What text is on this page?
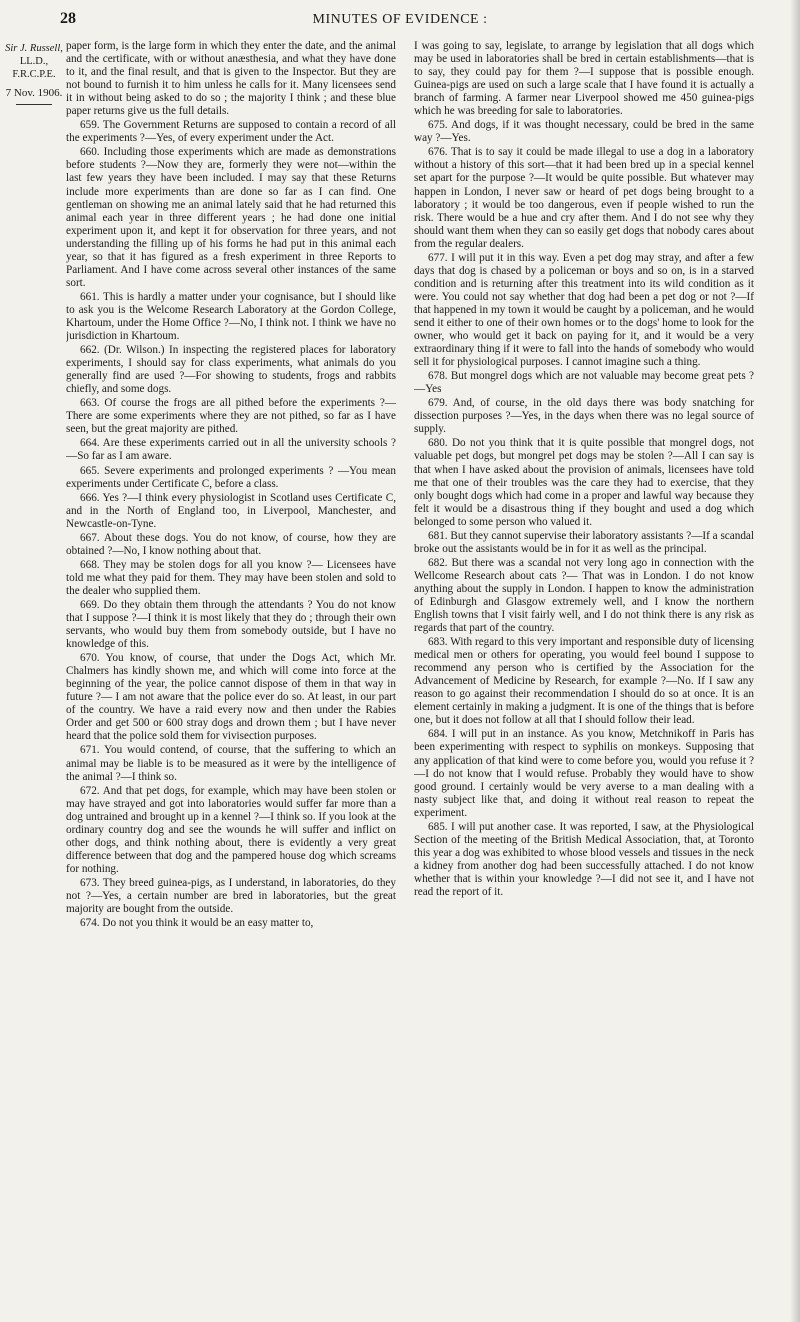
28	MINUTES OF EVIDENCE :
Sir J. Russell,
LL.D., F.R.C.P.E.
7 Nov. 1906.

paper form, is the large form in which they enter the date, and the animal and the certificate, with or without anæsthesia, and what they have done to it, and the final result, and that is given to the Inspector. But they are not bound to furnish it to him unless he calls for it. Many licensees send it in without being asked to do so ; the majority I think ; and these blue paper returns give us the full details.

659. The Government Returns are supposed to contain a record of all the experiments ?—Yes, of every experiment under the Act.

660. Including those experiments which are made as demonstrations before students ?—Now they are, formerly they were not—within the last few years they have been included. I may say that these Returns include more experiments than are done so far as I can find. One gentleman on showing me an animal lately said that he had returned this animal each year in three different years ; he had done one initial experiment upon it, and kept it for observation for three years, and not understanding the filling up of his forms he had put in this animal each year, so that it has figured as a fresh experiment in three Reports to Parliament. And I have come across several other instances of the same sort.

661. This is hardly a matter under your cognisance, but I should like to ask you is the Welcome Research Laboratory at the Gordon College, Khartoum, under the Home Office ?—No, I think not. I think we have no jurisdiction in Khartoum.

662. (Dr. Wilson.) In inspecting the registered places for laboratory experiments, I should say for class experiments, what animals do you generally find are used ?—For showing to students, frogs and rabbits chiefly, and some dogs.

663. Of course the frogs are all pithed before the experiments ?—There are some experiments where they are not pithed, so far as I have seen, but the great majority are pithed.

664. Are these experiments carried out in all the university schools ?—So far as I am aware.

665. Severe experiments and prolonged experiments ? —You mean experiments under Certificate C, before a class.

666. Yes ?—I think every physiologist in Scotland uses Certificate C, and in the North of England too, in Liverpool, Manchester, and Newcastle-on-Tyne.

667. About these dogs. You do not know, of course, how they are obtained ?—No, I know nothing about that.

668. They may be stolen dogs for all you know ?— Licensees have told me what they paid for them. They may have been stolen and sold to the dealer who supplied them.

669. Do they obtain them through the attendants ? You do not know that I suppose ?—I think it is most likely that they do ; through their own servants, who would buy them from somebody outside, but I have no knowledge of this.

670. You know, of course, that under the Dogs Act, which Mr. Chalmers has kindly shown me, and which will come into force at the beginning of the year, the police cannot dispose of them in that way in future ?— I am not aware that the police ever do so. At least, in our part of the country. We have a raid every now and then under the Rabies Order and get 500 or 600 stray dogs and drown them ; but I have never heard that the police sold them for vivisection purposes.

671. You would contend, of course, that the suffering to which an animal may be liable is to be measured as it were by the intelligence of the animal ?—I think so.

672. And that pet dogs, for example, which may have been stolen or may have strayed and got into laboratories would suffer far more than a dog untrained and brought up in a kennel ?—I think so. If you look at the ordinary country dog and see the wounds he will suffer and inflict on other dogs, and think nothing about, there is evidently a very great difference between that dog and the pampered house dog which screams for nothing.

673. They breed guinea-pigs, as I understand, in laboratories, do they not ?—Yes, a certain number are bred in laboratories, but the great majority are bought from the outside.

674. Do not you think it would be an easy matter to,

I was going to say, legislate, to arrange by legislation that all dogs which may be used in laboratories shall be bred in certain establishments—that is to say, they could pay for them ?—I suppose that is possible enough. Guinea-pigs are used on such a large scale that I have found it is actually a branch of farming. A farmer near Liverpool showed me 450 guinea-pigs which he was breeding for sale to laboratories.

675. And dogs, if it was thought necessary, could be bred in the same way ?—Yes.

676. That is to say it could be made illegal to use a dog in a laboratory without a history of this sort—that it had been bred up in a special kennel set apart for the purpose ?—It would be quite possible. But whatever may happen in London, I never saw or heard of pet dogs being brought to a laboratory ; it would be too dangerous, even if people wished to run the risk. There would be a hue and cry after them. And I do not see why they should want them when they can so easily get dogs that nobody cares about from the regular dealers.

677. I will put it in this way. Even a pet dog may stray, and after a few days that dog is chased by a policeman or boys and so on, is in a starved condition and is returning after this treatment into its wild condition as it were. You could not say whether that dog had been a pet dog or not ?—If that happened in my town it would be caught by a policeman, and he would send it either to one of their own homes or to the dogs' home to look for the owner, who would get it back on paying for it, and it would be a very extraordinary thing if it were to fall into the hands of somebody who would sell it for physiological purposes. I cannot imagine such a thing.

678. But mongrel dogs which are not valuable may become great pets ?—Yes

679. And, of course, in the old days there was body snatching for dissection purposes ?—Yes, in the days when there was no legal source of supply.

680. Do not you think that it is quite possible that mongrel dogs, not valuable pet dogs, but mongrel pet dogs may be stolen ?—All I can say is that when I have asked about the provision of animals, licensees have told me that one of their troubles was the care they had to exercise, that they only bought dogs which had come in a proper and lawful way because they felt it would be a disastrous thing if they bought and used a dog which belonged to some person who valued it.

681. But they cannot supervise their laboratory assistants ?—If a scandal broke out the assistants would be in for it as well as the principal.

682. But there was a scandal not very long ago in connection with the Wellcome Research about cats ?— That was in London. I do not know anything about the supply in London. I happen to know the administration of Edinburgh and Glasgow extremely well, and I know the northern English towns that I visit fairly well, and I do not think there is any risk as regards that part of the country.

683. With regard to this very important and responsible duty of licensing medical men or others for operating, you would feel bound I suppose to recommend any person who is certified by the Association for the Advancement of Medicine by Research, for example ?—No. If I saw any reason to go against their recommendation I should do so at once. It is an element certainly in making a judgment. It is one of the things that is before one, but it does not follow at all that I should follow their lead.

684. I will put in an instance. As you know, Metchnikoff in Paris has been experimenting with respect to syphilis on monkeys. Supposing that any application of that kind were to come before you, would you refuse it ?—I do not know that I would refuse. Probably they would have to show good ground. I certainly would be very averse to a man dealing with a nasty subject like that, and doing it without real reason to repeat the experiment.

685. I will put another case. It was reported, I saw, at the Physiological Section of the meeting of the British Medical Association, that, at Toronto this year a dog was exhibited to whose blood vessels and tissues in the neck a kidney from another dog had been successfully attached. I do not know whether that is within your knowledge ?—I did not see it, and I have not read the report of it.
